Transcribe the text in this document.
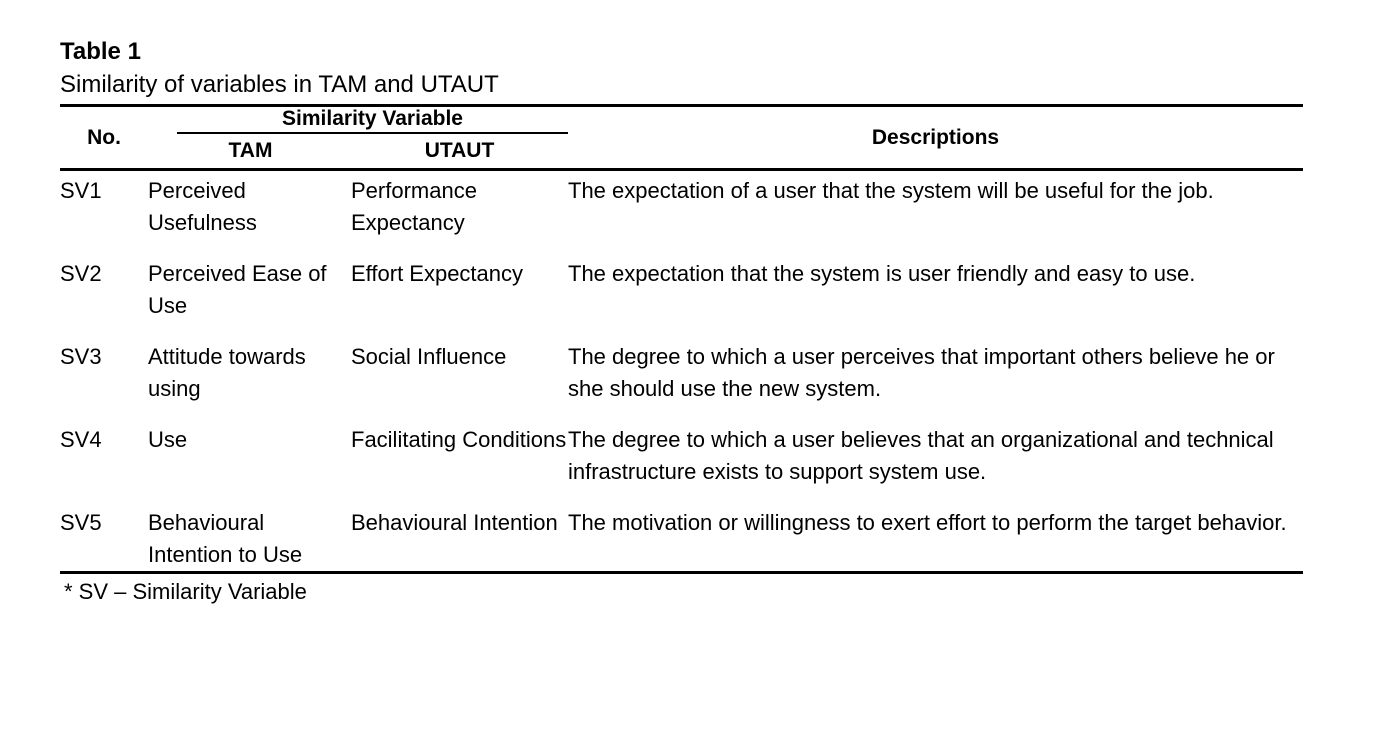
Table 1

Similarity of variables in TAM and UTAUT

No.	Similarity Variable		Descriptions
	TAM	UTAUT	
SV1	Perceived Usefulness	Performance Expectancy	The expectation of a user that the system will be useful for the job.
SV2	Perceived Ease of Use	Effort Expectancy	The expectation that the system is user friendly and easy to use.
SV3	Attitude towards using	Social Influence	The degree to which a user perceives that important others believe he or she should use the new system.
SV4	Use	Facilitating Conditions	The degree to which a user believes that an organizational and technical infrastructure exists to support system use.
SV5	Behavioural Intention to Use	Behavioural Intention	The motivation or willingness to exert effort to perform the target behavior.
* SV – Similarity Variable
